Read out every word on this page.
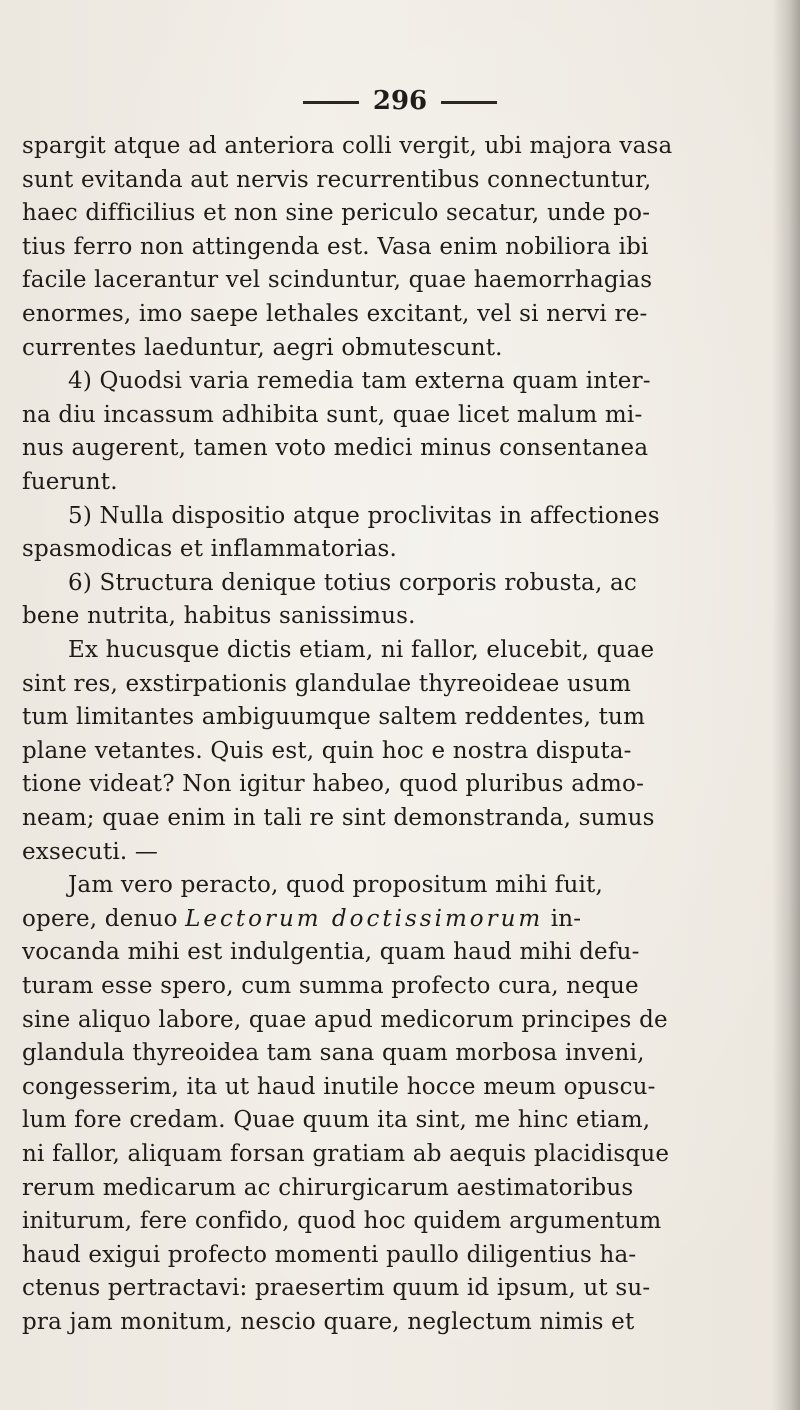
296
spargit atque ad anteriora colli vergit, ubi majora vasa
sunt evitanda aut nervis recurrentibus connectuntur,
haec difficilius et non sine periculo secatur, unde po-
tius ferro non attingenda est. Vasa enim nobiliora ibi
facile lacerantur vel scinduntur, quae haemorrhagias
enormes, imo saepe lethales excitant, vel si nervi re-
currentes laeduntur, aegri obmutescunt.
4) Quodsi varia remedia tam externa quam inter-
na diu incassum adhibita sunt, quae licet malum mi-
nus augerent, tamen voto medici minus consentanea
fuerunt.
5) Nulla dispositio atque proclivitas in affectiones
spasmodicas et inflammatorias.
6) Structura denique totius corporis robusta, ac
bene nutrita, habitus sanissimus.
Ex hucusque dictis etiam, ni fallor, elucebit, quae
sint res, exstirpationis glandulae thyreoideae usum
tum limitantes ambiguumque saltem reddentes, tum
plane vetantes. Quis est, quin hoc e nostra disputa-
tione videat? Non igitur habeo, quod pluribus admo-
neam; quae enim in tali re sint demonstranda, sumus
exsecuti. —
Jam vero peracto, quod propositum mihi fuit,
opere, denuo Lectorum doctissimorum in-
vocanda mihi est indulgentia, quam haud mihi defu-
turam esse spero, cum summa profecto cura, neque
sine aliquo labore, quae apud medicorum principes de
glandula thyreoidea tam sana quam morbosa inveni,
congesserim, ita ut haud inutile hocce meum opuscu-
lum fore credam. Quae quum ita sint, me hinc etiam,
ni fallor, aliquam forsan gratiam ab aequis placidisque
rerum medicarum ac chirurgicarum aestimatoribus
initurum, fere confido, quod hoc quidem argumentum
haud exigui profecto momenti paullo diligentius ha-
ctenus pertractavi: praesertim quum id ipsum, ut su-
pra jam monitum, nescio quare, neglectum nimis et
